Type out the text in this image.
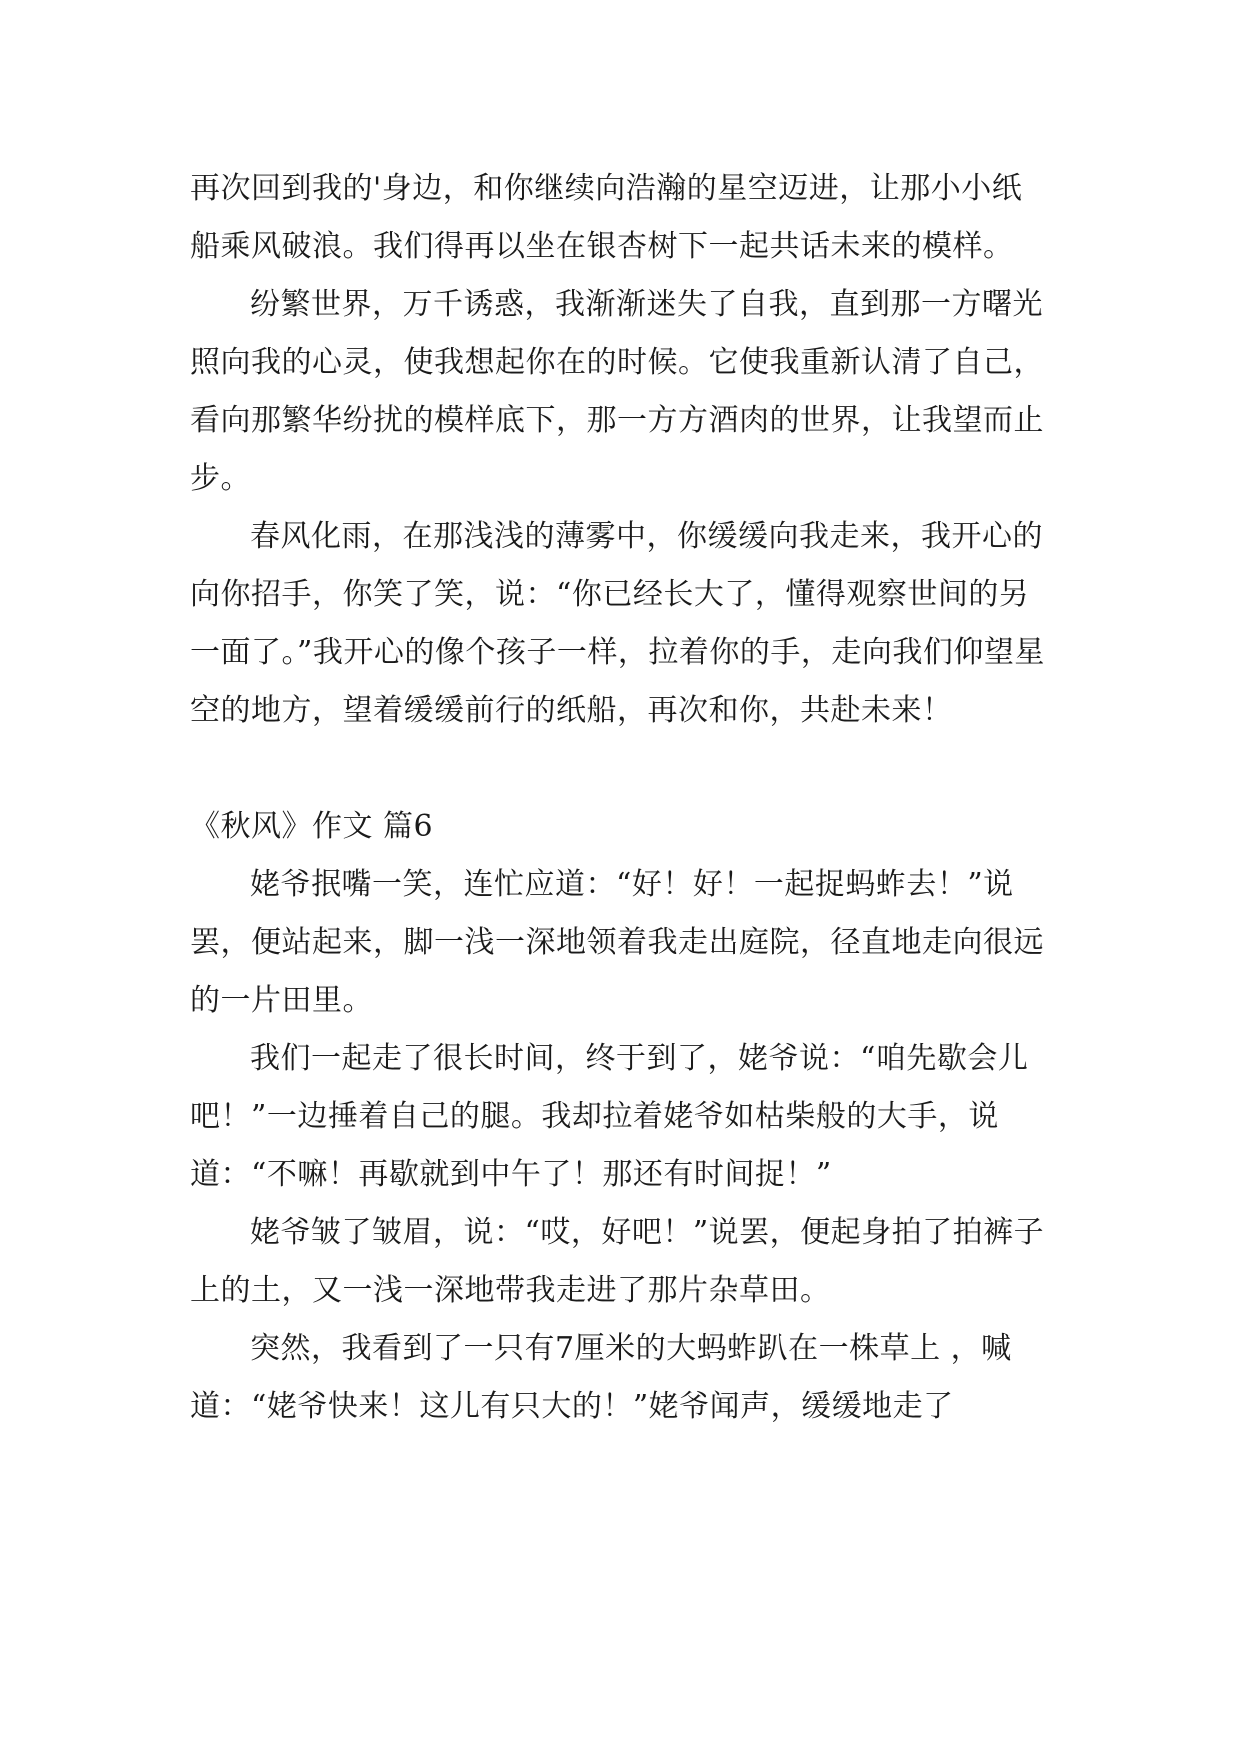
再次回到我的'身边，和你继续向浩瀚的星空迈进，让那小小纸船乘风破浪。我们得再以坐在银杏树下一起共话未来的模样。

纷繁世界，万千诱惑，我渐渐迷失了自我，直到那一方曙光照向我的心灵，使我想起你在的时候。它使我重新认清了自己，看向那繁华纷扰的模样底下，那一方方酒肉的世界，让我望而止步。

春风化雨，在那浅浅的薄雾中，你缓缓向我走来，我开心的向你招手，你笑了笑，说：“你已经长大了，懂得观察世间的另一面了。”我开心的像个孩子一样，拉着你的手，走向我们仰望星空的地方，望着缓缓前行的纸船，再次和你，共赴未来！

《秋风》作文 篇6

姥爷抿嘴一笑，连忙应道：“好！好！一起捉蚂蚱去！”说罢，便站起来，脚一浅一深地领着我走出庭院，径直地走向很远的一片田里。

我们一起走了很长时间，终于到了，姥爷说：“咱先歇会儿吧！”一边捶着自己的腿。我却拉着姥爷如枯柴般的大手，说道：“不嘛！再歇就到中午了！那还有时间捉！”

姥爷皱了皱眉，说：“哎，好吧！”说罢，便起身拍了拍裤子上的土，又一浅一深地带我走进了那片杂草田。

突然，我看到了一只有7厘米的大蚂蚱趴在一株草上 ，喊道：“姥爷快来！这儿有只大的！”姥爷闻声，缓缓地走了
